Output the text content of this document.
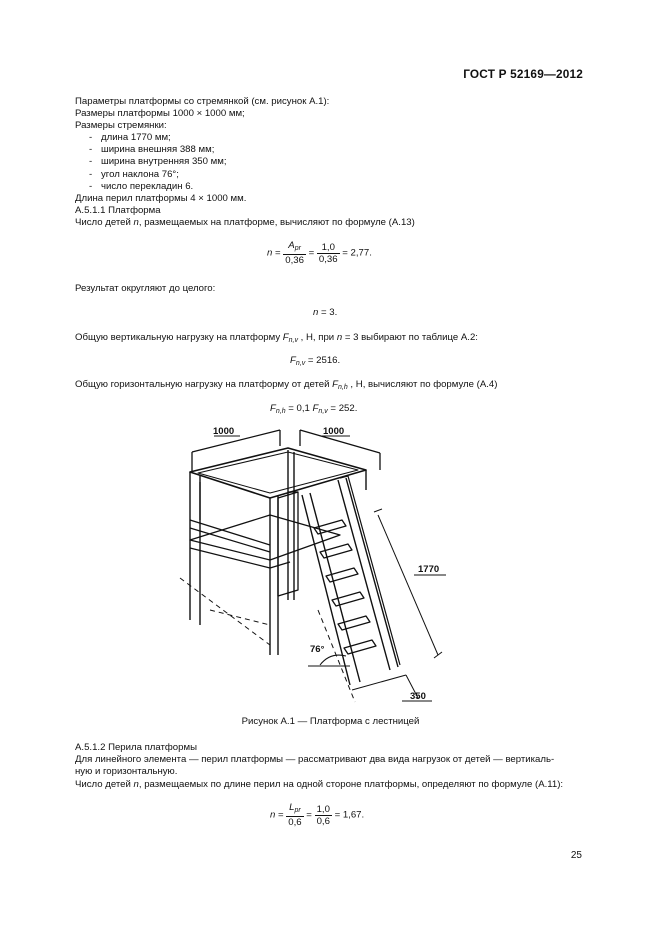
ГОСТ Р 52169—2012
Параметры платформы со стремянкой (см. рисунок А.1):
Размеры платформы 1000 × 1000 мм;
Размеры стремянки:
- длина 1770 мм;
- ширина внешняя 388 мм;
- ширина внутренняя 350 мм;
- угол наклона 76°;
- число перекладин 6.
Длина перил платформы 4 × 1000 мм.
А.5.1.1 Платформа
Число детей n, размещаемых на платформе, вычисляют по формуле (А.13)
$n = \frac{A_{pr}}{0,36} = \frac{1,0}{0,36} = 2,77$.
Результат округляют до целого:
n = 3.
Общую вертикальную нагрузку на платформу $F_{n,v}$ , Н, при n = 3 выбирают по таблице А.2:
$F_{n,v} = 2516$.
Общую горизонтальную нагрузку на платформу от детей $F_{n,h}$ , Н, вычисляют по формуле (А.4)
$F_{n,h} = 0,1$ $F_{n,v} = 252$.
1000	1000
1770
76°
350
Рисунок А.1 — Платформа с лестницей
А.5.1.2 Перила платформы
Для линейного элемента — перил платформы — рассматривают два вида нагрузок от детей — вертикаль-
ную и горизонтальную.
Число детей n, размещаемых по длине перил на одной стороне платформы, определяют по формуле (А.11):
$n = \frac{L_{pr}}{0,6} = \frac{1,0}{0,6} = 1,67$.
25
